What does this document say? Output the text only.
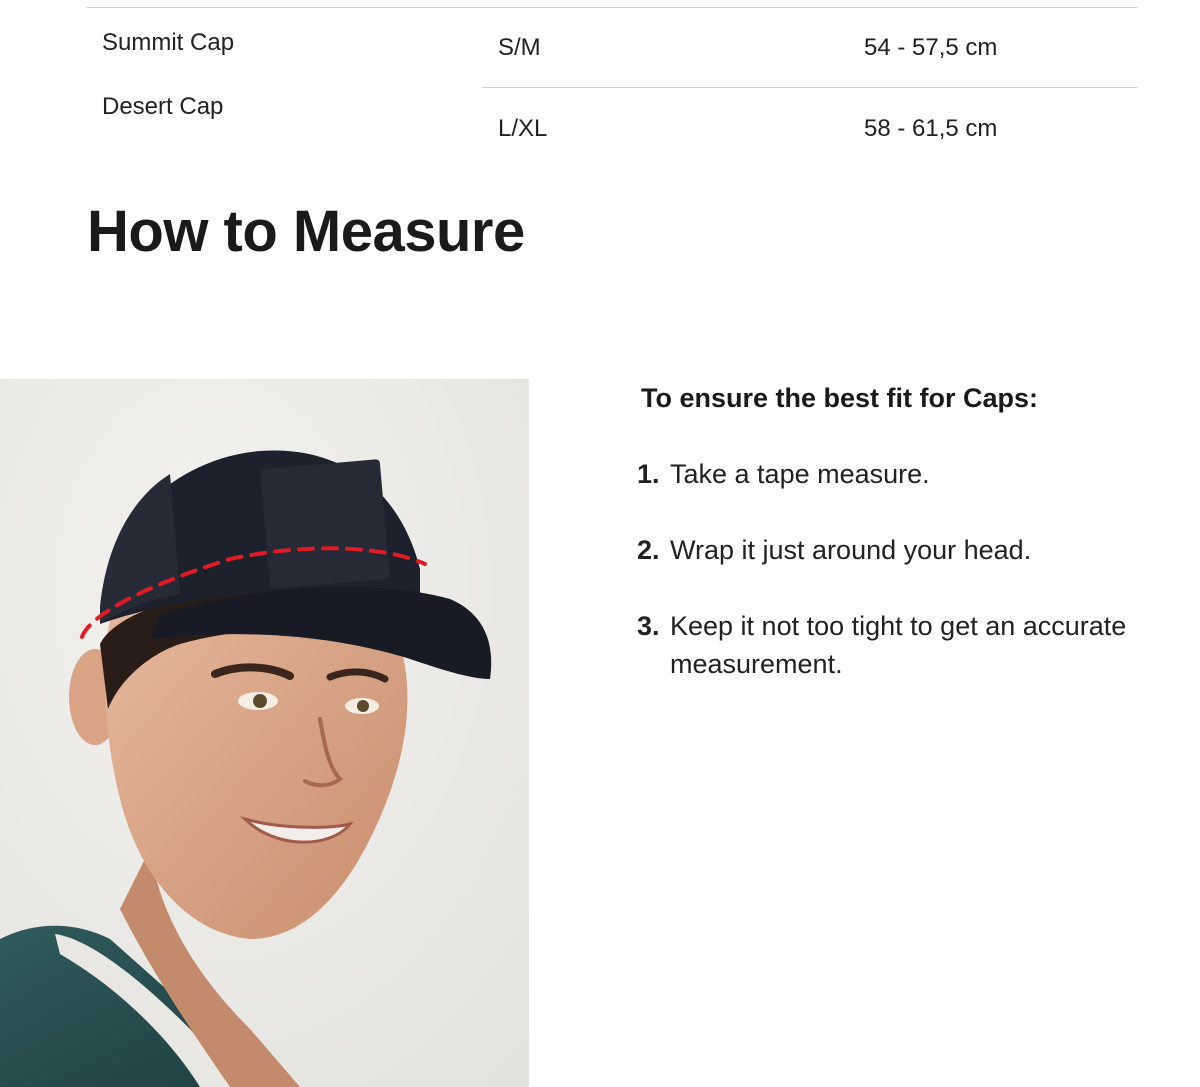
Summit Cap
Desert Cap
S/M	54 - 57,5 cm
L/XL	58 - 61,5 cm
How to Measure
To ensure the best fit for Caps:
1. Take a tape measure.
2. Wrap it just around your head.
3. Keep it not too tight to get an accurate measurement.
